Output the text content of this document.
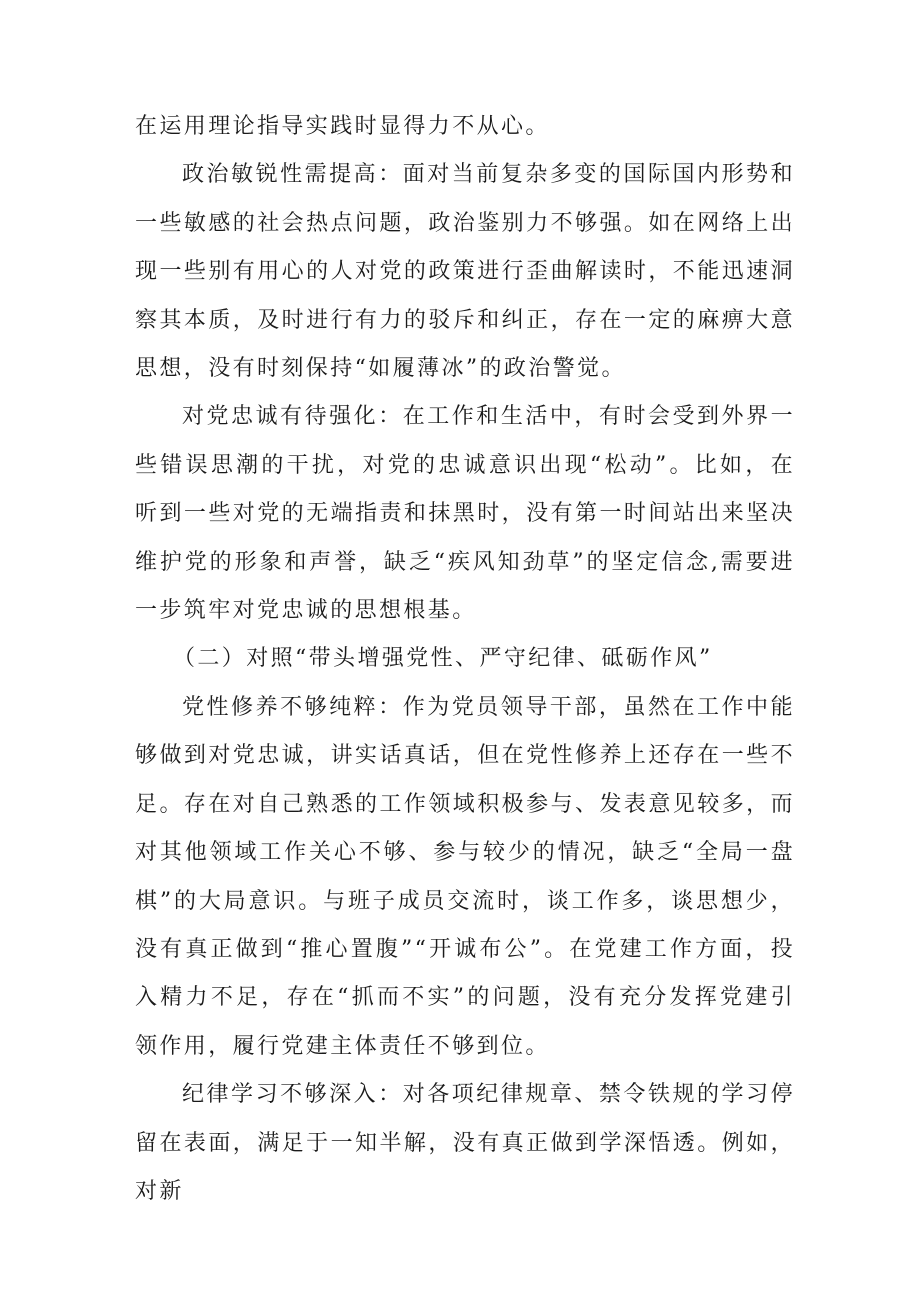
在运用理论指导实践时显得力不从心。

政治敏锐性需提高：面对当前复杂多变的国际国内形势和一些敏感的社会热点问题，政治鉴别力不够强。如在网络上出现一些别有用心的人对党的政策进行歪曲解读时，不能迅速洞察其本质，及时进行有力的驳斥和纠正，存在一定的麻痹大意思想，没有时刻保持“如履薄冰”的政治警觉。

对党忠诚有待强化：在工作和生活中，有时会受到外界一些错误思潮的干扰，对党的忠诚意识出现“松动”。比如，在听到一些对党的无端指责和抹黑时，没有第一时间站出来坚决维护党的形象和声誉，缺乏“疾风知劲草”的坚定信念,需要进一步筑牢对党忠诚的思想根基。

（二）对照“带头增强党性、严守纪律、砥砺作风”

党性修养不够纯粹：作为党员领导干部，虽然在工作中能够做到对党忠诚，讲实话真话，但在党性修养上还存在一些不足。存在对自己熟悉的工作领域积极参与、发表意见较多，而对其他领域工作关心不够、参与较少的情况，缺乏“全局一盘棋”的大局意识。与班子成员交流时，谈工作多，谈思想少，没有真正做到“推心置腹”“开诚布公”。在党建工作方面，投入精力不足，存在“抓而不实”的问题，没有充分发挥党建引领作用，履行党建主体责任不够到位。

纪律学习不够深入：对各项纪律规章、禁令铁规的学习停留在表面，满足于一知半解，没有真正做到学深悟透。例如，对新
